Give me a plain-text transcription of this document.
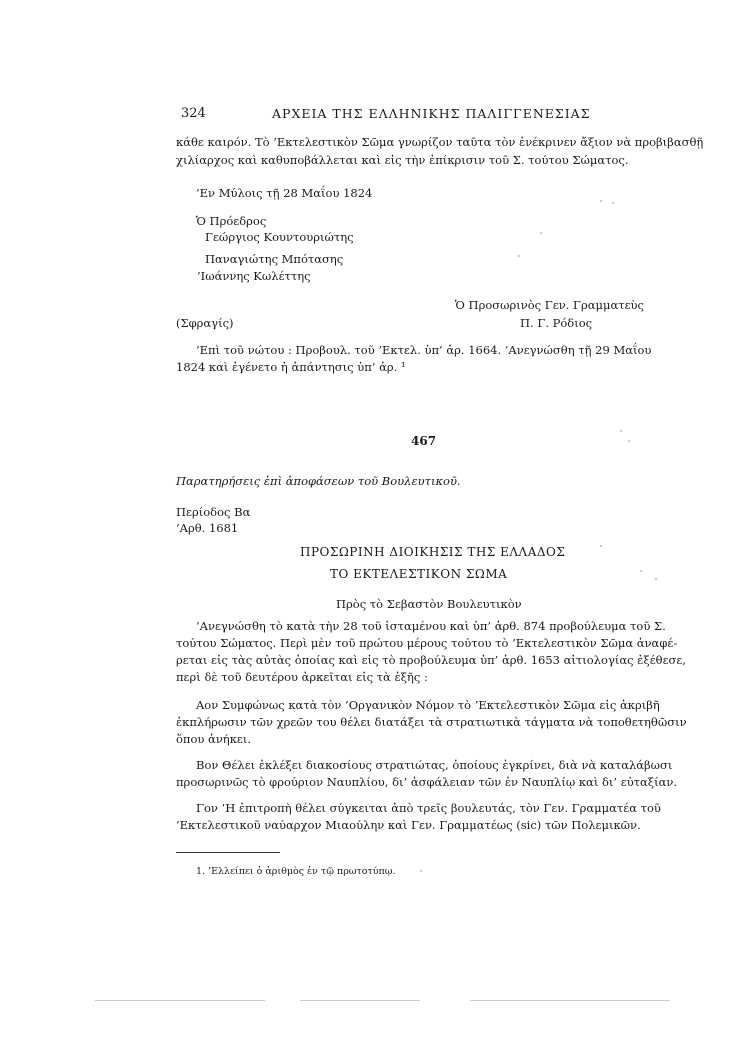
324	ΑΡΧΕΙΑ ΤΗΣ ΕΛΛΗΝΙΚΗΣ ΠΑΛΙΓΓΕΝΕΣΙΑΣ
κάθε καιρόν. Τὸ ’Εκτελεστικὸν Σῶμα γνωρίζον ταῦτα τὸν ἐνέκρινεν ἄξιον νὰ προβιβασθῇ
χιλίαρχος καὶ καθυποβάλλεται καὶ εἰς τὴν ἐπίκρισιν τοῦ Σ. τούτου Σώματος.
’Εν Μύλοις τῇ 28 Μαΐου 1824
Ὁ Πρόεδρος
Γεώργιος Κουντουριώτης
Παναγιώτης Μπότασης
’Ιωάννης Κωλέττης
Ὁ Προσωρινὸς Γεν. Γραμματεὺς
(Σφραγίς)	Π. Γ. Ρόδιος
’Επὶ τοῦ νώτου : Προβουλ. τοῦ ’Εκτελ. ὑπ’ ἀρ. 1664. ’Ανεγνώσθη τῇ 29 Μαΐου
1824 καὶ ἐγένετο ἡ ἀπάντησις ὑπ’ ἀρ. ¹
467
Παρατηρήσεις ἐπὶ ἀποφάσεων τοῦ Βουλευτικοῦ.
Περίοδος Βα
’Αρθ. 1681
ΠΡΟΣΩΡΙΝΗ ΔΙΟΙΚΗΣΙΣ ΤΗΣ ΕΛΛΑΔΟΣ
ΤΟ ΕΚΤΕΛΕΣΤΙΚΟΝ ΣΩΜΑ
Πρὸς τὸ Σεβαστὸν Βουλευτικὸν
’Ανεγνώσθη τὸ κατὰ τὴν 28 τοῦ ἱσταμένου καὶ ὑπ’ ἀρθ. 874 προβούλευμα τοῦ Σ.
τούτου Σώματος. Περὶ μὲν τοῦ πρώτου μέρους τούτου τὸ ’Εκτελεστικὸν Σῶμα ἀναφέ-
ρεται εἰς τὰς αὐτὰς ὁποίας καὶ εἰς τὸ προβούλευμα ὑπ’ ἀρθ. 1653 αἰτιολογίας ἐξέθεσε,
περὶ δὲ τοῦ δευτέρου ἀρκεῖται εἰς τὰ ἑξῆς :
Αον Συμφώνως κατὰ τὸν ’Οργανικὸν Νόμον τὸ ’Εκτελεστικὸν Σῶμα εἰς ἀκριβῆ
ἐκπλήρωσιν τῶν χρεῶν του θέλει διατάξει τὰ στρατιωτικὰ τάγματα νὰ τοποθετηθῶσιν
ὅπου ἀνήκει.
Βον Θέλει ἐκλέξει διακοσίους στρατιώτας, ὁποίους ἐγκρίνει, διὰ νὰ καταλάβωσι
προσωρινῶς τὸ φρούριον Ναυπλίου, δι’ ἀσφάλειαν τῶν ἐν Ναυπλίῳ καὶ δι’ εὐταξίαν.
Γον ’Η ἐπιτροπὴ θέλει σύγκειται ἀπὸ τρεῖς βουλευτάς, τὸν Γεν. Γραμματέα τοῦ
’Εκτελεστικοῦ ναύαρχον Μιαούλην καὶ Γεν. Γραμματέως (sic) τῶν Πολεμικῶν.
1. ’Ελλείπει ὁ ἀριθμὸς ἐν τῷ πρωτοτύπῳ.
